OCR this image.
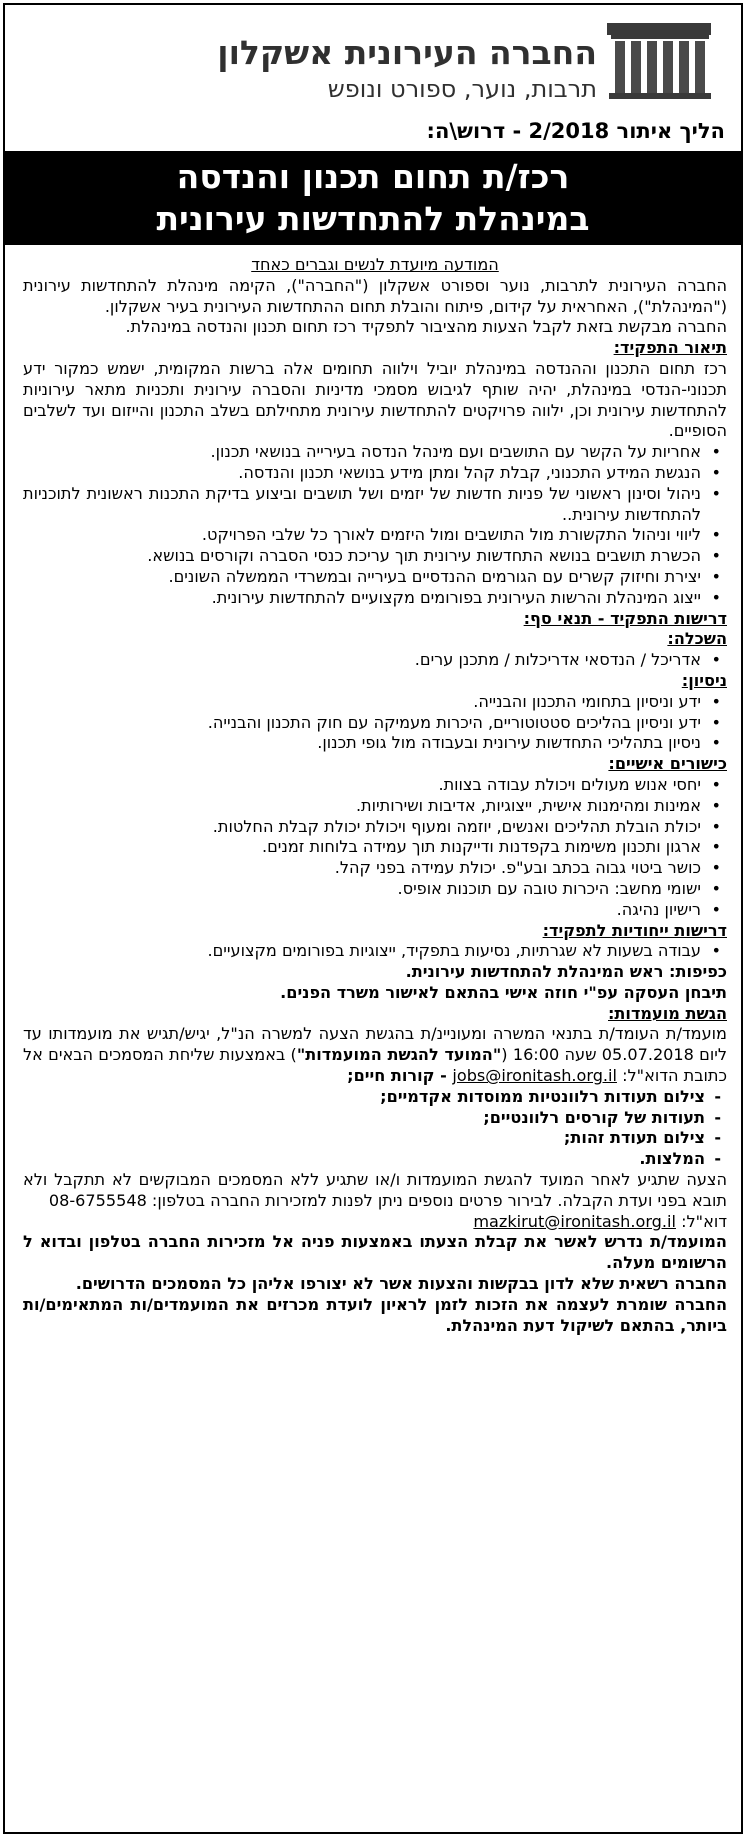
החברה העירונית אשקלון
תרבות, נוער, ספורט ונופש
הליך איתור 2/2018 - דרוש\ה:
רכז/ת תחום תכנון והנדסה
במינהלת להתחדשות עירונית
המודעה מיועדת לנשים וגברים כאחד

החברה העירונית לתרבות, נוער וספורט אשקלון ("החברה"), הקימה מינהלת להתחדשות עירונית ("המינהלת"), האחראית על קידום, פיתוח והובלת תחום ההתחדשות העירונית בעיר אשקלון.

החברה מבקשת בזאת לקבל הצעות מהציבור לתפקיד רכז תחום תכנון והנדסה במינהלת.

תיאור התפקיד:

רכז תחום התכנון וההנדסה במינהלת יוביל וילווה תחומים אלה ברשות המקומית, ישמש כמקור ידע תכנוני-הנדסי במינהלת, יהיה שותף לגיבוש מסמכי מדיניות והסברה עירונית ותכניות מתאר עירוניות להתחדשות עירונית וכן, ילווה פרויקטים להתחדשות עירונית מתחילתם בשלב התכנון והייזום ועד לשלבים הסופיים.

• אחריות על הקשר עם התושבים ועם מינהל הנדסה בעירייה בנושאי תכנון.
• הנגשת המידע התכנוני, קבלת קהל ומתן מידע בנושאי תכנון והנדסה.
• ניהול וסינון ראשוני של פניות חדשות של יזמים ושל תושבים וביצוע בדיקת התכנות ראשונית לתוכניות להתחדשות עירונית..
• ליווי וניהול התקשורת מול התושבים ומול היזמים לאורך כל שלבי הפרויקט.
• הכשרת תושבים בנושא התחדשות עירונית תוך עריכת כנסי הסברה וקורסים בנושא.
• יצירת וחיזוק קשרים עם הגורמים ההנדסיים בעירייה ובמשרדי הממשלה השונים.
• ייצוג המינהלת והרשות העירונית בפורומים מקצועיים להתחדשות עירונית.
דרישות התפקיד - תנאי סף:
השכלה:
• אדריכל / הנדסאי אדריכלות / מתכנן ערים.
ניסיון:
• ידע וניסיון בתחומי התכנון והבנייה.
• ידע וניסיון בהליכים סטטוטוריים, היכרות מעמיקה עם חוק התכנון והבנייה.
• ניסיון בתהליכי התחדשות עירונית ובעבודה מול גופי תכנון.
כישורים אישיים:
• יחסי אנוש מעולים ויכולת עבודה בצוות.
• אמינות ומהימנות אישית, ייצוגיות, אדיבות ושירותיות.
• יכולת הובלת תהליכים ואנשים, יוזמה ומעוף ויכולת יכולת קבלת החלטות.
• ארגון ותכנון משימות בקפדנות ודייקנות תוך עמידה בלוחות זמנים.
• כושר ביטוי גבוה בכתב ובע"פ. יכולת עמידה בפני קהל.
• ישומי מחשב: היכרות טובה עם תוכנות אופיס.
• רישיון נהיגה.
דרישות ייחודיות לתפקיד:
• עבודה בשעות לא שגרתיות, נסיעות בתפקיד, ייצוגיות בפורומים מקצועיים.
כפיפות: ראש המינהלת להתחדשות עירונית.
תיבחן העסקה עפ"י חוזה אישי בהתאם לאישור משרד הפנים.
הגשת מועמדות:

מועמד/ת העומד/ת בתנאי המשרה ומעוניינ/ת בהגשת הצעה למשרה הנ"ל, יגיש/תגיש את מועמדותו עד ליום 05.07.2018 שעה 16:00 ("המועד להגשת המועמדות") באמצעות שליחת המסמכים הבאים אל כתובת הדוא"ל: jobs@ironitash.org.il - קורות חיים;

- צילום תעודות רלוונטיות ממוסדות אקדמיים;
- תעודות של קורסים רלוונטיים;
- צילום תעודת זהות;
- המלצות.

הצעה שתגיע לאחר המועד להגשת המועמדות ו/או שתגיע ללא המסמכים המבוקשים לא תתקבל ולא תובא בפני ועדת הקבלה. לבירור פרטים נוספים ניתן לפנות למזכירות החברה בטלפון: 08-6755548

דוא"ל: mazkirut@ironitash.org.il

המועמד/ת נדרש לאשר את קבלת הצעתו באמצעות פניה אל מזכירות החברה בטלפון ובדוא ל הרשומים מעלה.

החברה רשאית שלא לדון בבקשות והצעות אשר לא יצורפו אליהן כל המסמכים הדרושים.

החברה שומרת לעצמה את הזכות לזמן לראיון לועדת מכרזים את המועמדים/ות המתאימים/ות ביותר, בהתאם לשיקול דעת המינהלת.
